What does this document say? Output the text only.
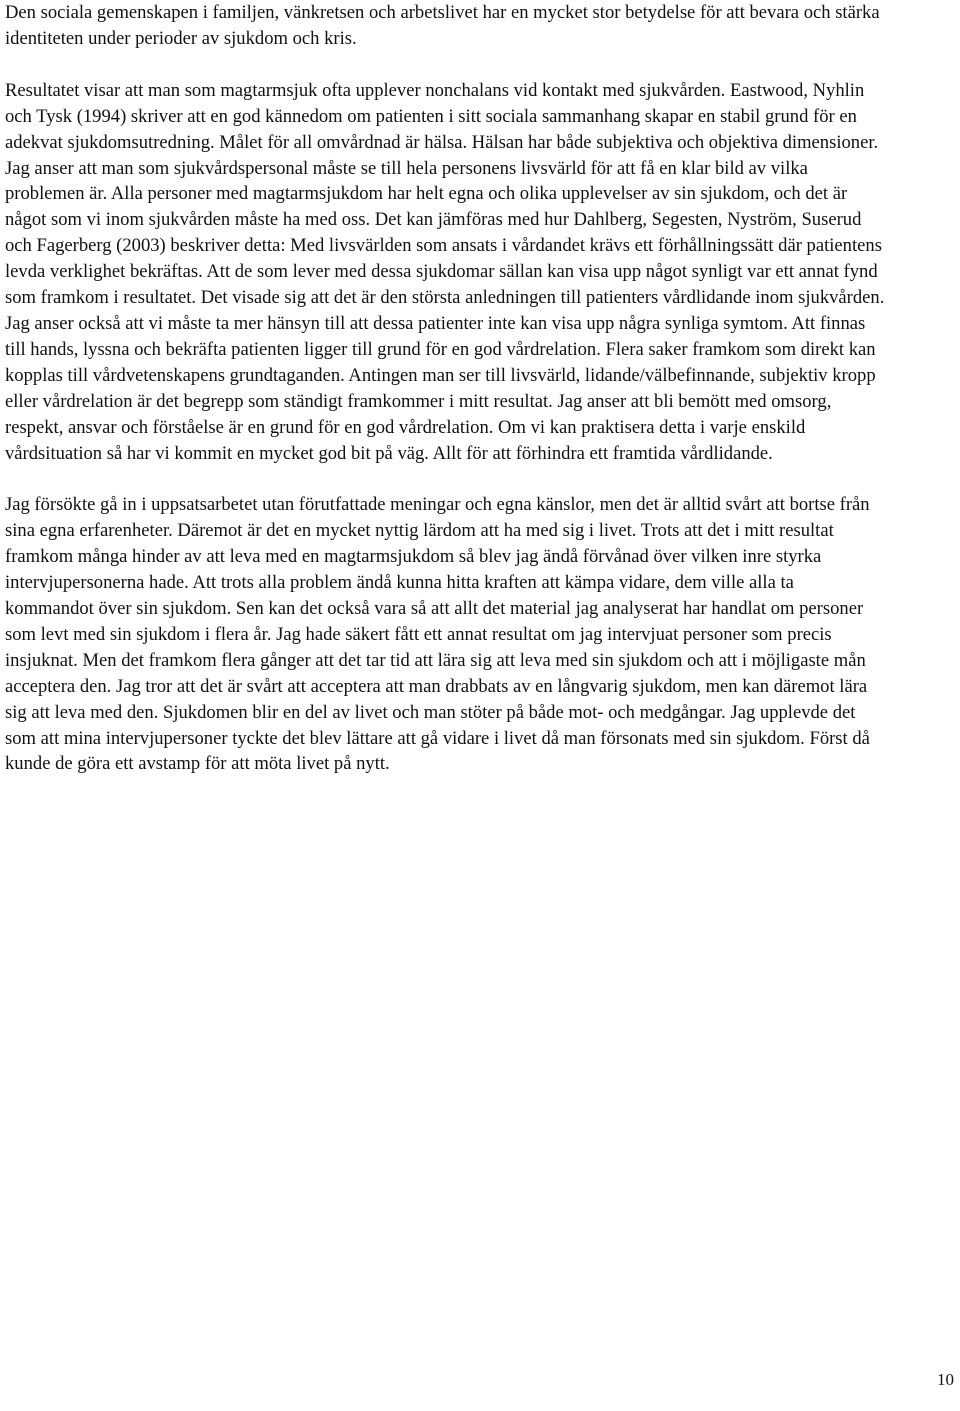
Den sociala gemenskapen i familjen, vänkretsen och arbetslivet har en mycket stor betydelse för att bevara och stärka identiteten under perioder av sjukdom och kris.

Resultatet visar att man som magtarmsjuk ofta upplever nonchalans vid kontakt med sjukvården. Eastwood, Nyhlin och Tysk (1994) skriver att en god kännedom om patienten i sitt sociala sammanhang skapar en stabil grund för en adekvat sjukdomsutredning. Målet för all omvårdnad är hälsa. Hälsan har både subjektiva och objektiva dimensioner. Jag anser att man som sjukvårdspersonal måste se till hela personens livsvärld för att få en klar bild av vilka problemen är. Alla personer med magtarmsjukdom har helt egna och olika upplevelser av sin sjukdom, och det är något som vi inom sjukvården måste ha med oss. Det kan jämföras med hur Dahlberg, Segesten, Nyström, Suserud och Fagerberg (2003) beskriver detta: Med livsvärlden som ansats i vårdandet krävs ett förhållningssätt där patientens levda verklighet bekräftas. Att de som lever med dessa sjukdomar sällan kan visa upp något synligt var ett annat fynd som framkom i resultatet. Det visade sig att det är den största anledningen till patienters vårdlidande inom sjukvården. Jag anser också att vi måste ta mer hänsyn till att dessa patienter inte kan visa upp några synliga symtom. Att finnas till hands, lyssna och bekräfta patienten ligger till grund för en god vårdrelation. Flera saker framkom som direkt kan kopplas till vårdvetenskapens grundtaganden. Antingen man ser till livsvärld, lidande/välbefinnande, subjektiv kropp eller vårdrelation är det begrepp som ständigt framkommer i mitt resultat. Jag anser att bli bemött med omsorg, respekt, ansvar och förståelse är en grund för en god vårdrelation. Om vi kan praktisera detta i varje enskild vårdsituation så har vi kommit en mycket god bit på väg. Allt för att förhindra ett framtida vårdlidande.

Jag försökte gå in i uppsatsarbetet utan förutfattade meningar och egna känslor, men det är alltid svårt att bortse från sina egna erfarenheter. Däremot är det en mycket nyttig lärdom att ha med sig i livet. Trots att det i mitt resultat framkom många hinder av att leva med en magtarmsjukdom så blev jag ändå förvånad över vilken inre styrka intervjupersonerna hade. Att trots alla problem ändå kunna hitta kraften att kämpa vidare, dem ville alla ta kommandot över sin sjukdom. Sen kan det också vara så att allt det material jag analyserat har handlat om personer som levt med sin sjukdom i flera år. Jag hade säkert fått ett annat resultat om jag intervjuat personer som precis insjuknat. Men det framkom flera gånger att det tar tid att lära sig att leva med sin sjukdom och att i möjligaste mån acceptera den. Jag tror att det är svårt att acceptera att man drabbats av en långvarig sjukdom, men kan däremot lära sig att leva med den. Sjukdomen blir en del av livet och man stöter på både mot- och medgångar. Jag upplevde det som att mina intervjupersoner tyckte det blev lättare att gå vidare i livet då man försonats med sin sjukdom. Först då kunde de göra ett avstamp för att möta livet på nytt.

10
